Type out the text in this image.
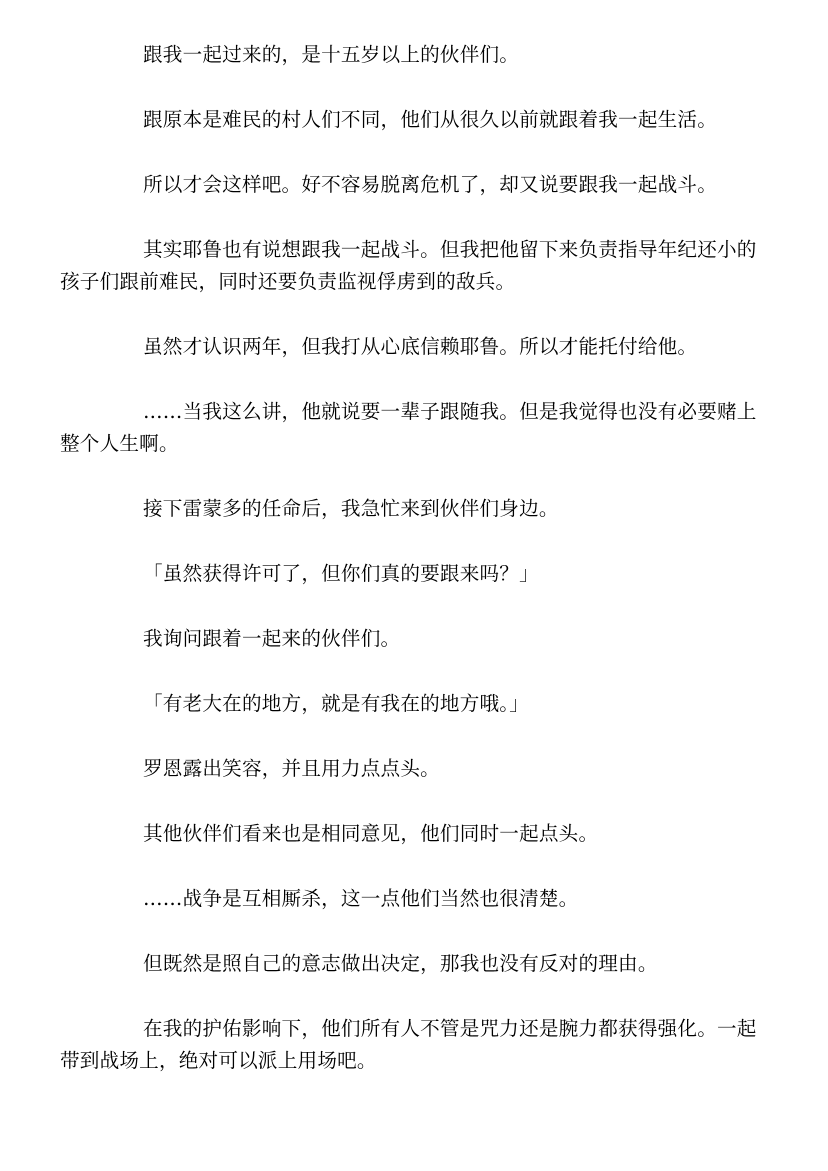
跟我一起过来的，是十五岁以上的伙伴们。

跟原本是难民的村人们不同，他们从很久以前就跟着我一起生活。

所以才会这样吧。好不容易脱离危机了，却又说要跟我一起战斗。

其实耶鲁也有说想跟我一起战斗。但我把他留下来负责指导年纪还小的孩子们跟前难民，同时还要负责监视俘虏到的敌兵。

虽然才认识两年，但我打从心底信赖耶鲁。所以才能托付给他。

……当我这么讲，他就说要一辈子跟随我。但是我觉得也没有必要赌上整个人生啊。

接下雷蒙多的任命后，我急忙来到伙伴们身边。

「虽然获得许可了，但你们真的要跟来吗？」

我询问跟着一起来的伙伴们。

「有老大在的地方，就是有我在的地方哦。」

罗恩露出笑容，并且用力点点头。

其他伙伴们看来也是相同意见，他们同时一起点头。

……战争是互相厮杀，这一点他们当然也很清楚。

但既然是照自己的意志做出决定，那我也没有反对的理由。

在我的护佑影响下，他们所有人不管是咒力还是腕力都获得强化。一起带到战场上，绝对可以派上用场吧。
